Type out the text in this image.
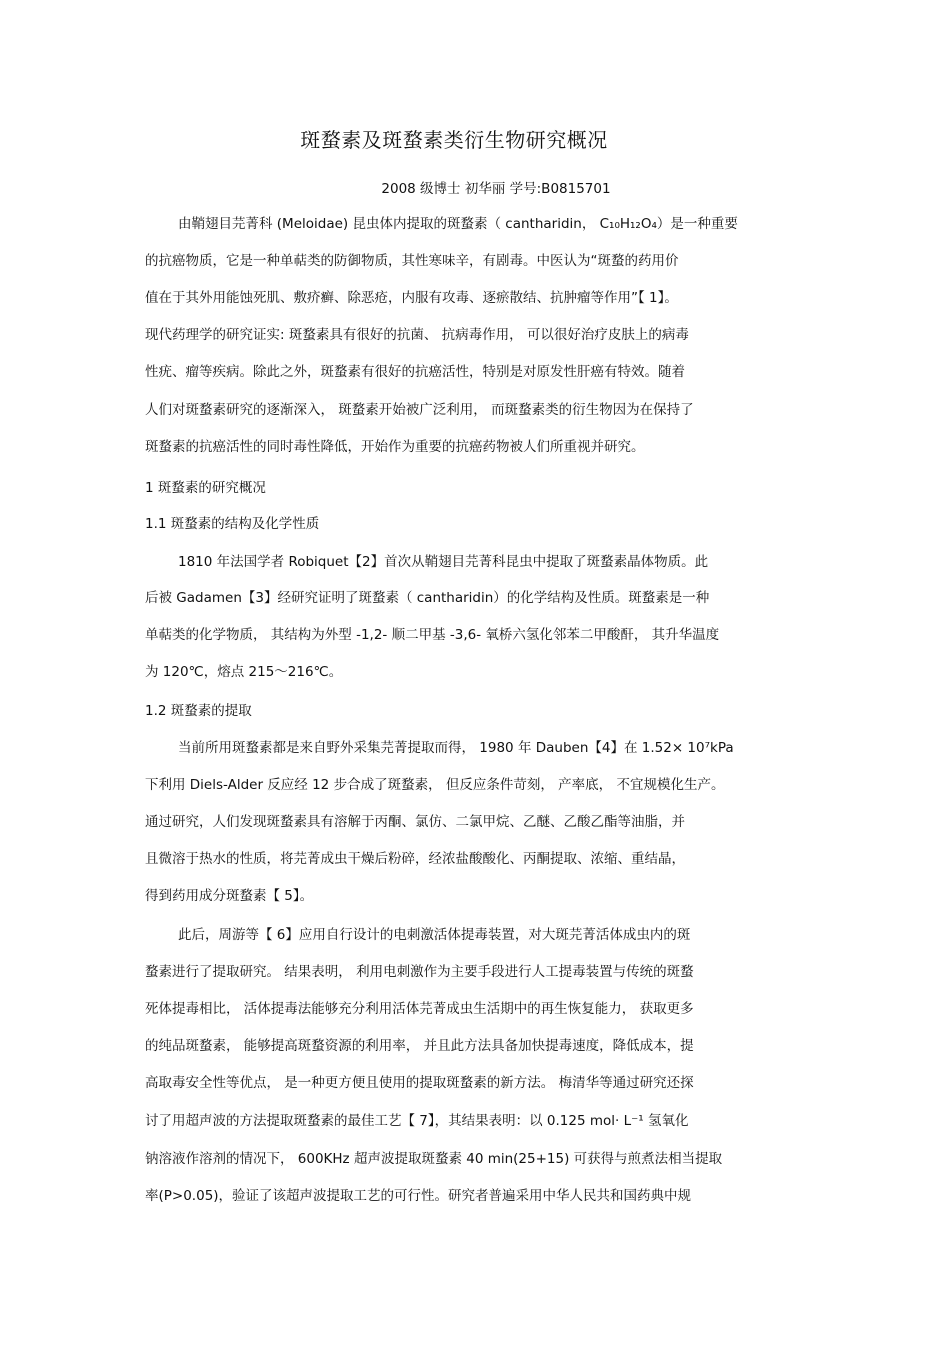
斑蝥素及斑蝥素类衍生物研究概况
2008 级博士 初华丽 学号:B0815701
由鞘翅目芫菁科 (Meloidae) 昆虫体内提取的斑蝥素（ cantharidin， C₁₀H₁₂O₄）是一种重要
的抗癌物质，它是一种单萜类的防御物质，其性寒味辛，有剧毒。中医认为“斑蝥的药用价
值在于其外用能蚀死肌、敷疥癣、除恶疮，内服有攻毒、逐瘀散结、抗肿瘤等作用”【 1】。
现代药理学的研究证实: 斑蝥素具有很好的抗菌、 抗病毒作用， 可以很好治疗皮肤上的病毒
性疣、瘤等疾病。除此之外，斑蝥素有很好的抗癌活性，特别是对原发性肝癌有特效。随着
人们对斑蝥素研究的逐渐深入， 斑蝥素开始被广泛利用， 而斑蝥素类的衍生物因为在保持了
斑蝥素的抗癌活性的同时毒性降低，开始作为重要的抗癌药物被人们所重视并研究。
1 斑蝥素的研究概况
1.1 斑蝥素的结构及化学性质
1810 年法国学者 Robiquet【2】首次从鞘翅目芫菁科昆虫中提取了斑蝥素晶体物质。此
后被 Gadamen【3】经研究证明了斑蝥素（ cantharidin）的化学结构及性质。斑蝥素是一种
单萜类的化学物质， 其结构为外型 -1,2- 顺二甲基 -3,6- 氧桥六氢化邻苯二甲酸酐， 其升华温度
为 120℃，熔点 215～216℃。
1.2 斑蝥素的提取
当前所用斑蝥素都是来自野外采集芫菁提取而得， 1980 年 Dauben【4】在 1.52× 10⁷kPa
下利用 Diels-Alder 反应经 12 步合成了斑蝥素， 但反应条件苛刻， 产率底， 不宜规模化生产。
通过研究，人们发现斑蝥素具有溶解于丙酮、氯仿、二氯甲烷、乙醚、乙酸乙酯等油脂，并
且微溶于热水的性质，将芫菁成虫干燥后粉碎，经浓盐酸酸化、丙酮提取、浓缩、重结晶，
得到药用成分斑蝥素【 5】。
此后，周游等【 6】应用自行设计的电刺激活体提毒装置，对大斑芫菁活体成虫内的斑
蝥素进行了提取研究。 结果表明， 利用电刺激作为主要手段进行人工提毒装置与传统的斑蝥
死体提毒相比， 活体提毒法能够充分利用活体芫菁成虫生活期中的再生恢复能力， 获取更多
的纯品斑蝥素， 能够提高斑蝥资源的利用率， 并且此方法具备加快提毒速度，降低成本，提
高取毒安全性等优点， 是一种更方便且使用的提取斑蝥素的新方法。 梅清华等通过研究还探
讨了用超声波的方法提取斑蝥素的最佳工艺【 7】，其结果表明：以 0.125 mol· L⁻¹ 氢氧化
钠溶液作溶剂的情况下， 600KHz 超声波提取斑蝥素 40 min(25+15) 可获得与煎煮法相当提取
率(P>0.05)，验证了该超声波提取工艺的可行性。研究者普遍采用中华人民共和国药典中规
